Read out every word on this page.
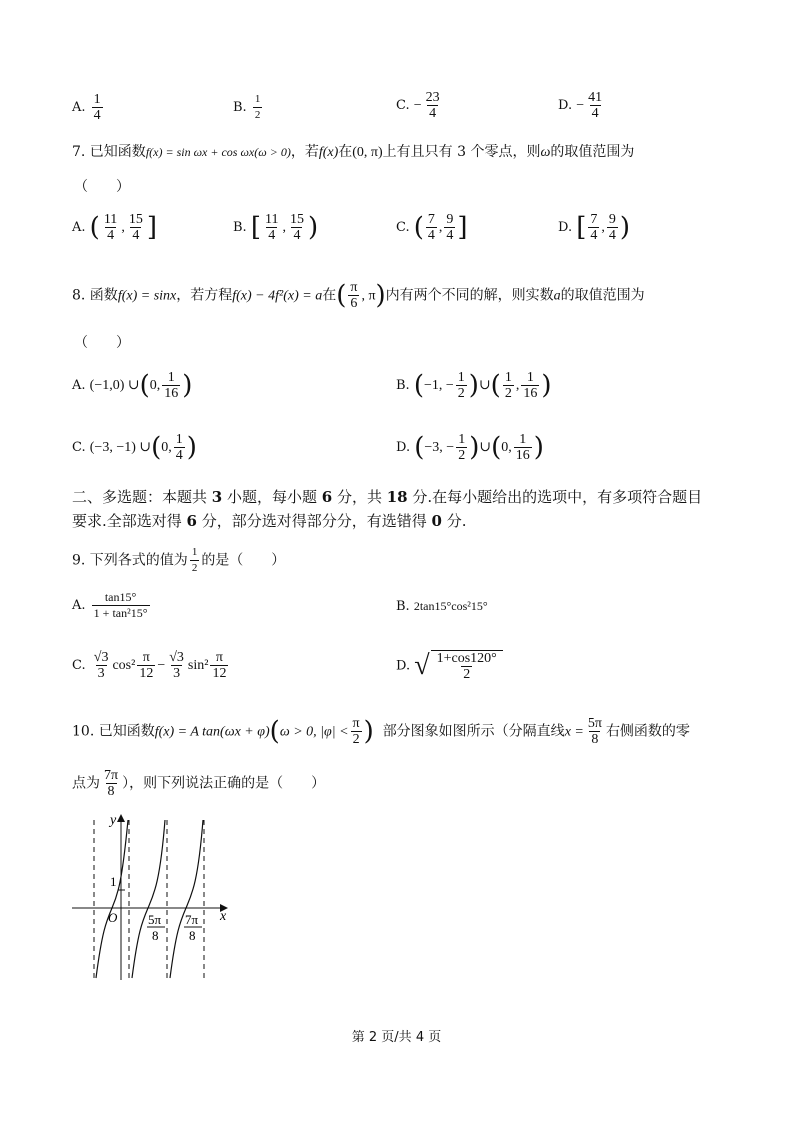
A. $\frac{1}{4}$	B. $\frac{1}{2}$	C. − $\frac{23}{4}$	D. − $\frac{41}{4}$
7. 已知函数f(x) = sin ωx + cos ωx(ω > 0)，若f(x)在(0, π)上有且只有 3 个零点，则ω的取值范围为
（　　）
A. ( $\frac{11}{4}$ , $\frac{15}{4}$ ]	B. [ $\frac{11}{4}$ , $\frac{15}{4}$ )	C. ( $\frac{7}{4}$ , $\frac{9}{4}$ ]	D. [ $\frac{7}{4}$ , $\frac{9}{4}$ )
8. 函数f(x) = sinx，若方程f(x) − 4f²(x) = a在( $\frac{\pi}{6}$ , π)内有两个不同的解，则实数a的取值范围为
（　　）
A. (−1,0) ∪(0, $\frac{1}{16}$ )	B. (−1, − $\frac{1}{2}$ )∪( $\frac{1}{2}$ , $\frac{1}{16}$ )
C. (−3, −1) ∪(0, $\frac{1}{4}$ )	D. (−3, − $\frac{1}{2}$ )∪(0, $\frac{1}{16}$ )
二、多选题：本题共 3 小题，每小题 6 分，共 18 分.在每小题给出的选项中，有多项符合题目
要求.全部选对得 6 分，部分选对得部分分，有选错得 0 分.
9. 下列各式的值为 $\frac{1}{2}$ 的是（　　）
A. $\frac{\tan 15^\circ}{\text{1 + tan²15°}}$	B. 2tan15°cos²15°
C. $\frac{√3}{3} \cos^2 \frac{\pi}{12} - \frac{√3}{3} \sin^2 \frac{\pi}{12}$	D. √ $\frac{1+\cos 120^\circ}{2}$
10. 已知函数f(x) = A tan(ωx + φ)(ω > 0, $|\varphi| < \frac{\pi}{2}$ ) 部分图象如图所示（分隔直线$x = \frac{5\pi}{8}$ 右侧函数的零
点为 $\frac{7\pi}{8}$ ），则下列说法正确的是（　　）
y
x
O
1
5π
8
7π
8
第 2 页/共 4 页
